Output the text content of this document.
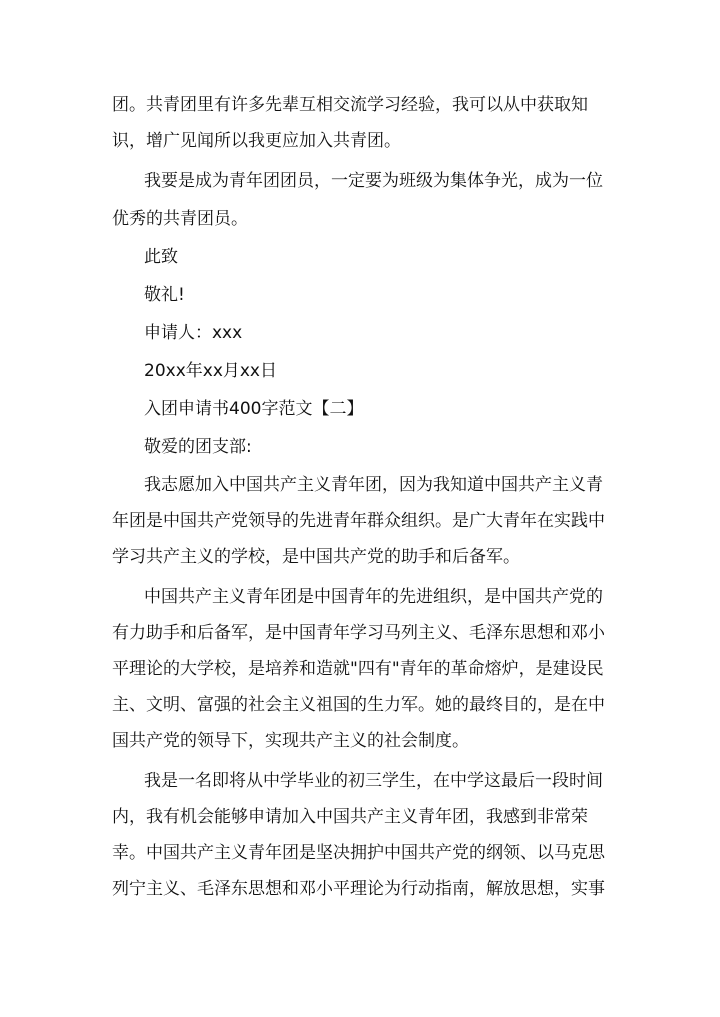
团。共青团里有许多先辈互相交流学习经验，我可以从中获取知
识，增广见闻所以我更应加入共青团。
我要是成为青年团团员，一定要为班级为集体争光，成为一位
优秀的共青团员。
此致
敬礼!
申请人：xxx
20xx年xx月xx日
入团申请书400字范文【二】
敬爱的团支部:
我志愿加入中国共产主义青年团，因为我知道中国共产主义青
年团是中国共产党领导的先进青年群众组织。是广大青年在实践中
学习共产主义的学校，是中国共产党的助手和后备军。
中国共产主义青年团是中国青年的先进组织，是中国共产党的
有力助手和后备军，是中国青年学习马列主义、毛泽东思想和邓小
平理论的大学校，是培养和造就"四有"青年的革命熔炉，是建设民
主、文明、富强的社会主义祖国的生力军。她的最终目的，是在中
国共产党的领导下，实现共产主义的社会制度。
我是一名即将从中学毕业的初三学生，在中学这最后一段时间
内，我有机会能够申请加入中国共产主义青年团，我感到非常荣
幸。中国共产主义青年团是坚决拥护中国共产党的纲领、以马克思
列宁主义、毛泽东思想和邓小平理论为行动指南，解放思想，实事
